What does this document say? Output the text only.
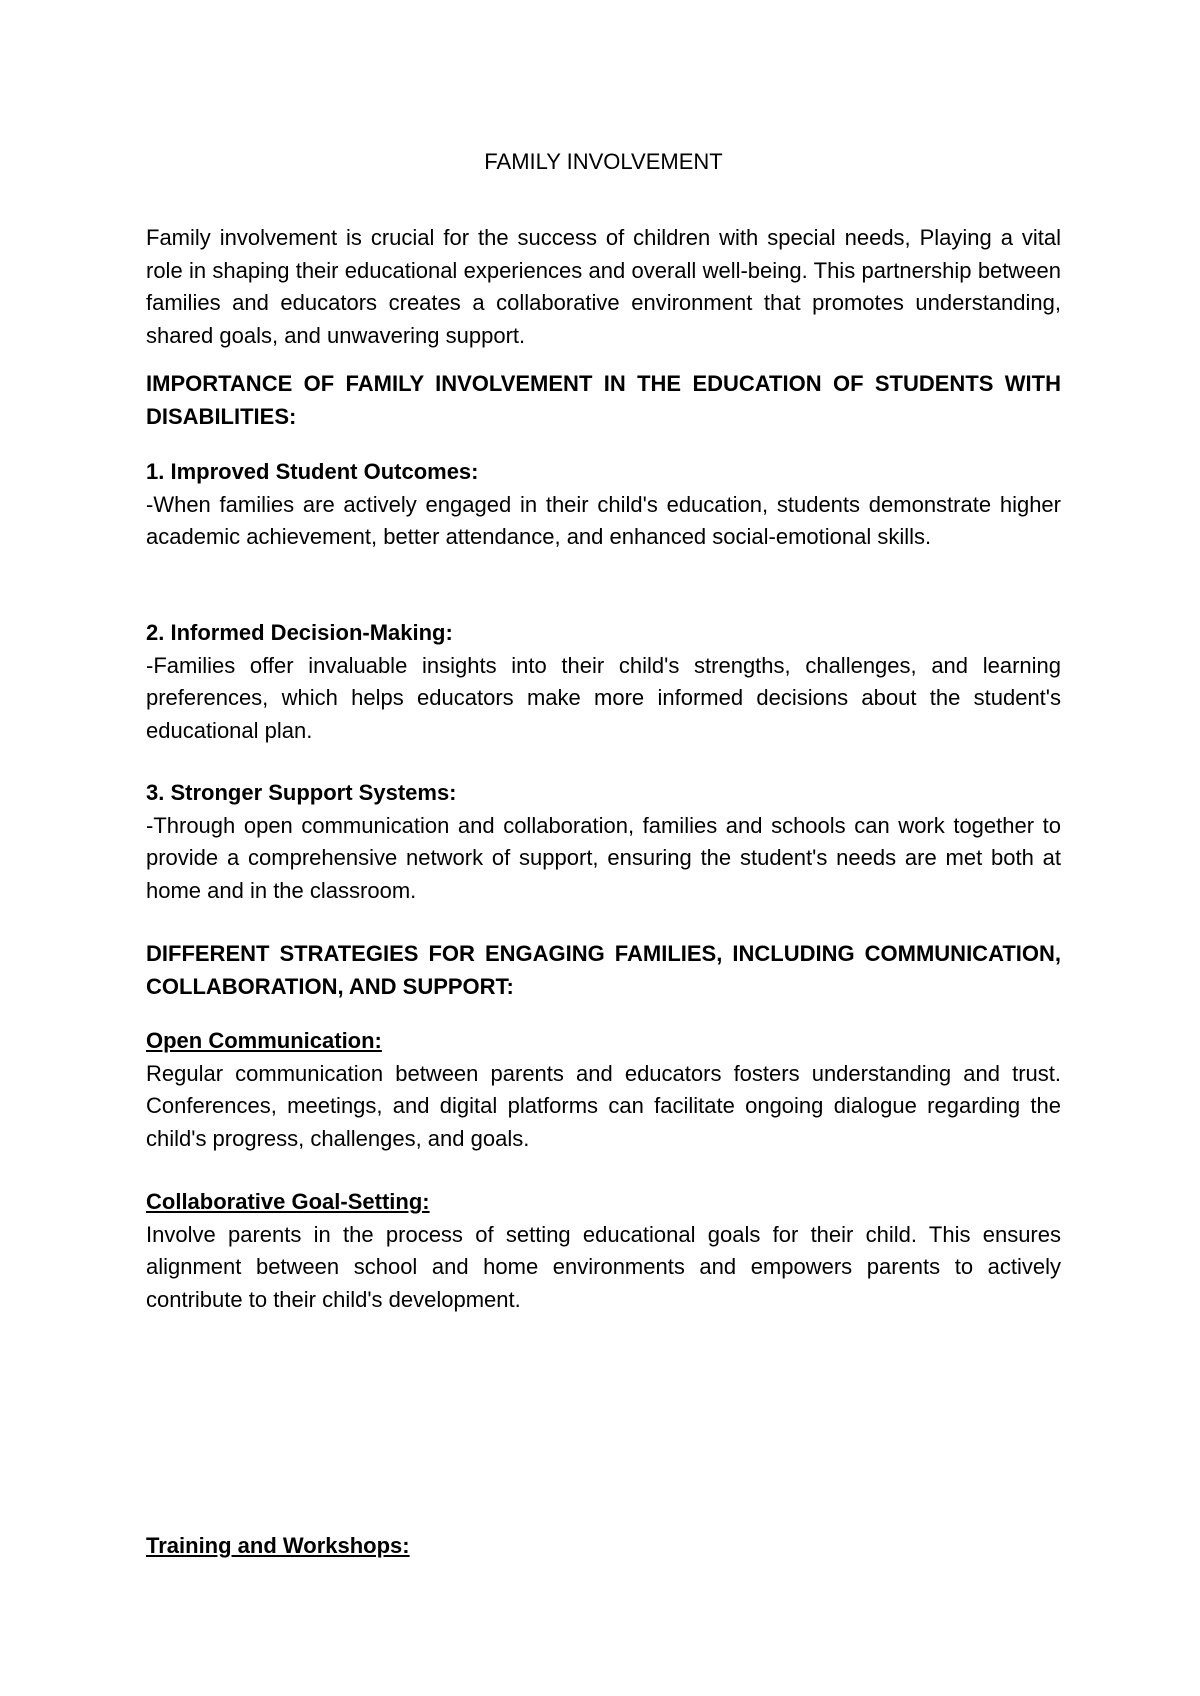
FAMILY INVOLVEMENT

Family involvement is crucial for the success of children with special needs, Playing a vital role in shaping their educational experiences and overall well-being. This partnership between families and educators creates a collaborative environment that promotes understanding, shared goals, and unwavering support.

IMPORTANCE OF FAMILY INVOLVEMENT IN THE EDUCATION OF STUDENTS WITH DISABILITIES:

1. Improved Student Outcomes:
-When families are actively engaged in their child's education, students demonstrate higher academic achievement, better attendance, and enhanced social-emotional skills.
2. Informed Decision-Making:
-Families offer invaluable insights into their child's strengths, challenges, and learning preferences, which helps educators make more informed decisions about the student's educational plan.
3. Stronger Support Systems:
-Through open communication and collaboration, families and schools can work together to provide a comprehensive network of support, ensuring the student's needs are met both at home and in the classroom.

DIFFERENT STRATEGIES FOR ENGAGING FAMILIES, INCLUDING COMMUNICATION, COLLABORATION, AND SUPPORT:

Open Communication:
Regular communication between parents and educators fosters understanding and trust. Conferences, meetings, and digital platforms can facilitate ongoing dialogue regarding the child's progress, challenges, and goals.
Collaborative Goal-Setting:
Involve parents in the process of setting educational goals for their child. This ensures alignment between school and home environments and empowers parents to actively contribute to their child's development.
Training and Workshops:
